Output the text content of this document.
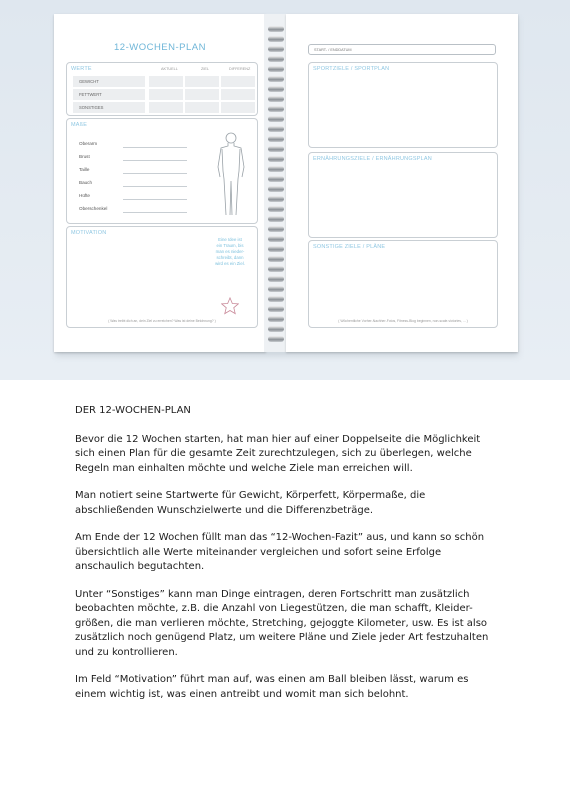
12-WOCHEN-PLAN
WERTE	AKTUELL	ZIEL	DIFFERENZ
GEWICHT
FETTWERT
SONSTIGES
MAßE
Oberarm
Brust
Taille
Bauch
Hüfte
Oberschenkel
MOTIVATION
Eine Idee ist ein Traum, bis man es nieder-schreibt, dann wird es ein Ziel.
( Was treibt dich an, dein Ziel zu erreichen? Was ist deine Belohnung? )
START- / ENDDATUM
SPORTZIELE / SPORTPLAN
ERNÄHRUNGSZIELE / ERNÄHRUNGSPLAN
SONSTIGE ZIELE / PLÄNE
( Wöchentliche Vorher-Nachher-Fotos, Fitness-Blog beginnen, non-scale-victories, ... )
DER 12-WOCHEN-PLAN

Bevor die 12 Wochen starten, hat man hier auf einer Doppelseite die Möglichkeit sich einen Plan für die gesamte Zeit zurechtzulegen, sich zu überlegen, welche Regeln man einhalten möchte und welche Ziele man erreichen will.

Man notiert seine Startwerte für Gewicht, Körperfett, Körpermaße, die abschließenden Wunschzielwerte und die Differenzbeträge.

Am Ende der 12 Wochen füllt man das “12-Wochen-Fazit” aus, und kann so schön übersichtlich alle Werte miteinander vergleichen und sofort seine Erfolge anschaulich begutachten.

Unter “Sonstiges” kann man Dinge eintragen, deren Fortschritt man zusätzlich beobachten möchte, z.B. die Anzahl von Liegestützen, die man schafft, Kleider-größen, die man verlieren möchte, Stretching, gejoggte Kilometer, usw. Es ist also zusätzlich noch genügend Platz, um weitere Pläne und Ziele jeder Art festzuhalten und zu kontrollieren.

Im Feld “Motivation” führt man auf, was einen am Ball bleiben lässt, warum es einem wichtig ist, was einen antreibt und womit man sich belohnt.
